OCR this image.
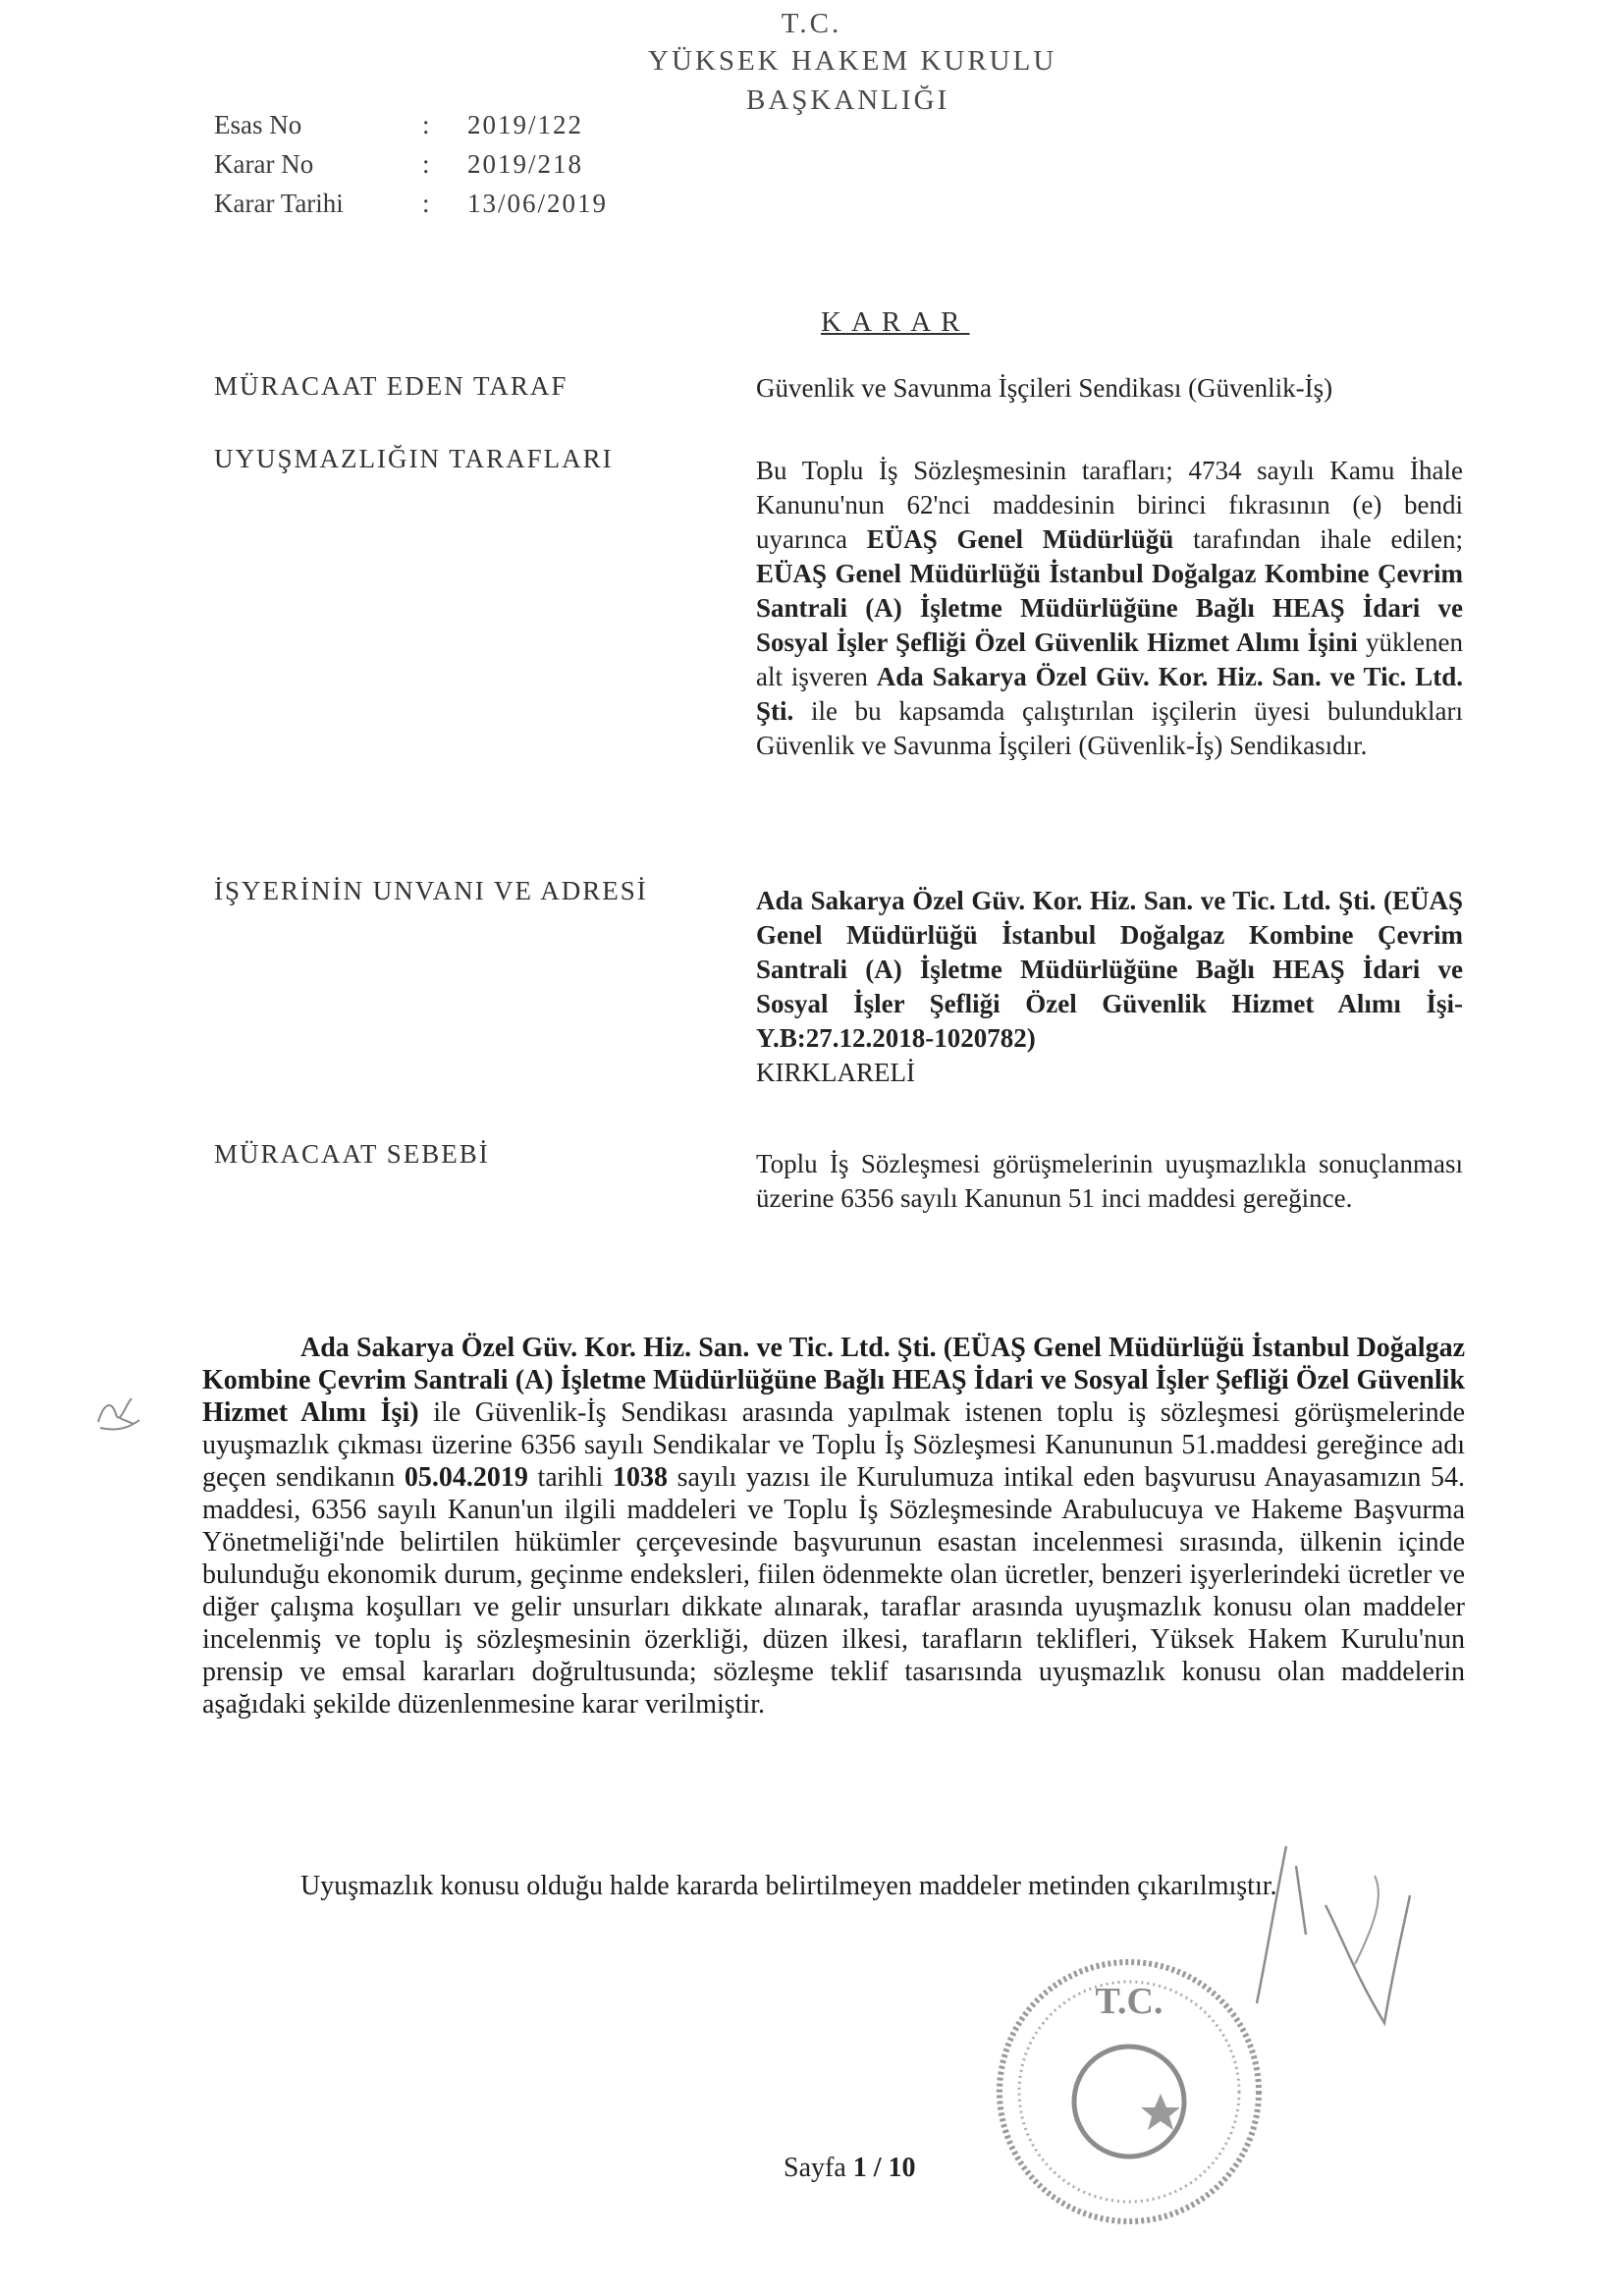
T.C.
YÜKSEK HAKEM KURULU
BAŞKANLIĞI
Esas No	: 2019/122
Karar No	: 2019/218
Karar Tarihi	: 13/06/2019
KARAR
MÜRACAAT EDEN TARAF	Güvenlik ve Savunma İşçileri Sendikası (Güvenlik-İş)
UYUŞMAZLIĞIN TARAFLARI	Bu Toplu İş Sözleşmesinin tarafları; 4734 sayılı Kamu İhale Kanunu'nun 62'nci maddesinin birinci fıkrasının (e) bendi uyarınca EÜAŞ Genel Müdürlüğü tarafından ihale edilen; EÜAŞ Genel Müdürlüğü İstanbul Doğalgaz Kombine Çevrim Santrali (A) İşletme Müdürlüğüne Bağlı HEAŞ İdari ve Sosyal İşler Şefliği Özel Güvenlik Hizmet Alımı İşini yüklenen alt işveren Ada Sakarya Özel Güv. Kor. Hiz. San. ve Tic. Ltd. Şti. ile bu kapsamda çalıştırılan işçilerin üyesi bulundukları Güvenlik ve Savunma İşçileri (Güvenlik-İş) Sendikasıdır.
İŞYERİNİN UNVANI VE ADRESİ	Ada Sakarya Özel Güv. Kor. Hiz. San. ve Tic. Ltd. Şti. (EÜAŞ Genel Müdürlüğü İstanbul Doğalgaz Kombine Çevrim Santrali (A) İşletme Müdürlüğüne Bağlı HEAŞ İdari ve Sosyal İşler Şefliği Özel Güvenlik Hizmet Alımı İşi-Y.B:27.12.2018-1020782)
KIRKLARELİ
MÜRACAAT SEBEBİ	Toplu İş Sözleşmesi görüşmelerinin uyuşmazlıkla sonuçlanması üzerine 6356 sayılı Kanunun 51 inci maddesi gereğince.
Ada Sakarya Özel Güv. Kor. Hiz. San. ve Tic. Ltd. Şti. (EÜAŞ Genel Müdürlüğü İstanbul Doğalgaz Kombine Çevrim Santrali (A) İşletme Müdürlüğüne Bağlı HEAŞ İdari ve Sosyal İşler Şefliği Özel Güvenlik Hizmet Alımı İşi) ile Güvenlik-İş Sendikası arasında yapılmak istenen toplu iş sözleşmesi görüşmelerinde uyuşmazlık çıkması üzerine 6356 sayılı Sendikalar ve Toplu İş Sözleşmesi Kanununun 51.maddesi gereğince adı geçen sendikanın 05.04.2019 tarihli 1038 sayılı yazısı ile Kurulumuza intikal eden başvurusu Anayasamızın 54. maddesi, 6356 sayılı Kanun'un ilgili maddeleri ve Toplu İş Sözleşmesinde Arabulucuya ve Hakeme Başvurma Yönetmeliği'nde belirtilen hükümler çerçevesinde başvurunun esastan incelenmesi sırasında, ülkenin içinde bulunduğu ekonomik durum, geçinme endeksleri, fiilen ödenmekte olan ücretler, benzeri işyerlerindeki ücretler ve diğer çalışma koşulları ve gelir unsurları dikkate alınarak, taraflar arasında uyuşmazlık konusu olan maddeler incelenmiş ve toplu iş sözleşmesinin özerkliği, düzen ilkesi, tarafların teklifleri, Yüksek Hakem Kurulu'nun prensip ve emsal kararları doğrultusunda; sözleşme teklif tasarısında uyuşmazlık konusu olan maddelerin aşağıdaki şekilde düzenlenmesine karar verilmiştir.
Uyuşmazlık konusu olduğu halde kararda belirtilmeyen maddeler metinden çıkarılmıştır.
T.C.
Sayfa 1 / 10
